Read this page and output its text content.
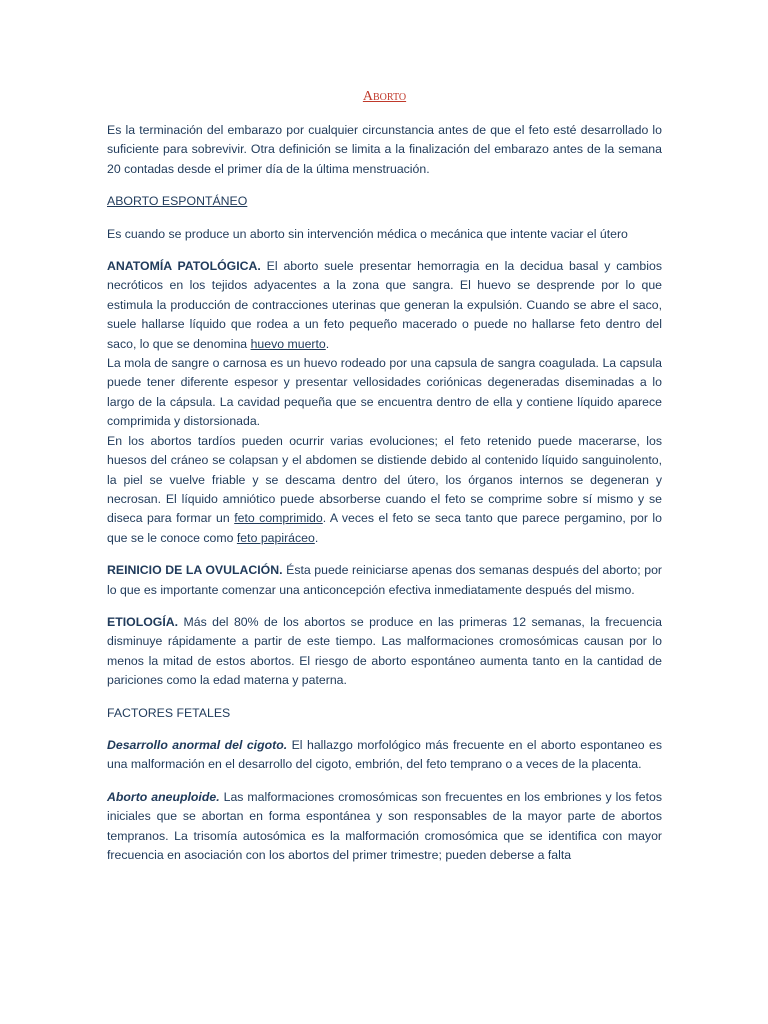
Aborto

Es la terminación del embarazo por cualquier circunstancia antes de que el feto esté desarrollado lo suficiente para sobrevivir. Otra definición se limita a la finalización del embarazo antes de la semana 20 contadas desde el primer día de la última menstruación.

ABORTO ESPONTÁNEO

Es cuando se produce un aborto sin intervención médica o mecánica que intente vaciar el útero

ANATOMÍA PATOLÓGICA. El aborto suele presentar hemorragia en la decidua basal y cambios necróticos en los tejidos adyacentes a la zona que sangra. El huevo se desprende por lo que estimula la producción de contracciones uterinas que generan la expulsión. Cuando se abre el saco, suele hallarse líquido que rodea a un feto pequeño macerado o puede no hallarse feto dentro del saco, lo que se denomina huevo muerto.

La mola de sangre o carnosa es un huevo rodeado por una capsula de sangra coagulada. La capsula puede tener diferente espesor y presentar vellosidades coriónicas degeneradas diseminadas a lo largo de la cápsula. La cavidad pequeña que se encuentra dentro de ella y contiene líquido aparece comprimida y distorsionada.

En los abortos tardíos pueden ocurrir varias evoluciones; el feto retenido puede macerarse, los huesos del cráneo se colapsan y el abdomen se distiende debido al contenido líquido sanguinolento, la piel se vuelve friable y se descama dentro del útero, los órganos internos se degeneran y necrosan. El líquido amniótico puede absorberse cuando el feto se comprime sobre sí mismo y se diseca para formar un feto comprimido. A veces el feto se seca tanto que parece pergamino, por lo que se le conoce como feto papiráceo.

REINICIO DE LA OVULACIÓN. Ésta puede reiniciarse apenas dos semanas después del aborto; por lo que es importante comenzar una anticoncepción efectiva inmediatamente después del mismo.

ETIOLOGÍA. Más del 80% de los abortos se produce en las primeras 12 semanas, la frecuencia disminuye rápidamente a partir de este tiempo. Las malformaciones cromosómicas causan por lo menos la mitad de estos abortos. El riesgo de aborto espontáneo aumenta tanto en la cantidad de pariciones como la edad materna y paterna.

FACTORES FETALES

Desarrollo anormal del cigoto. El hallazgo morfológico más frecuente en el aborto espontaneo es una malformación en el desarrollo del cigoto, embrión, del feto temprano o a veces de la placenta.

Aborto aneuploide. Las malformaciones cromosómicas son frecuentes en los embriones y los fetos iniciales que se abortan en forma espontánea y son responsables de la mayor parte de abortos tempranos. La trisomía autosómica es la malformación cromosómica que se identifica con mayor frecuencia en asociación con los abortos del primer trimestre; pueden deberse a falta
